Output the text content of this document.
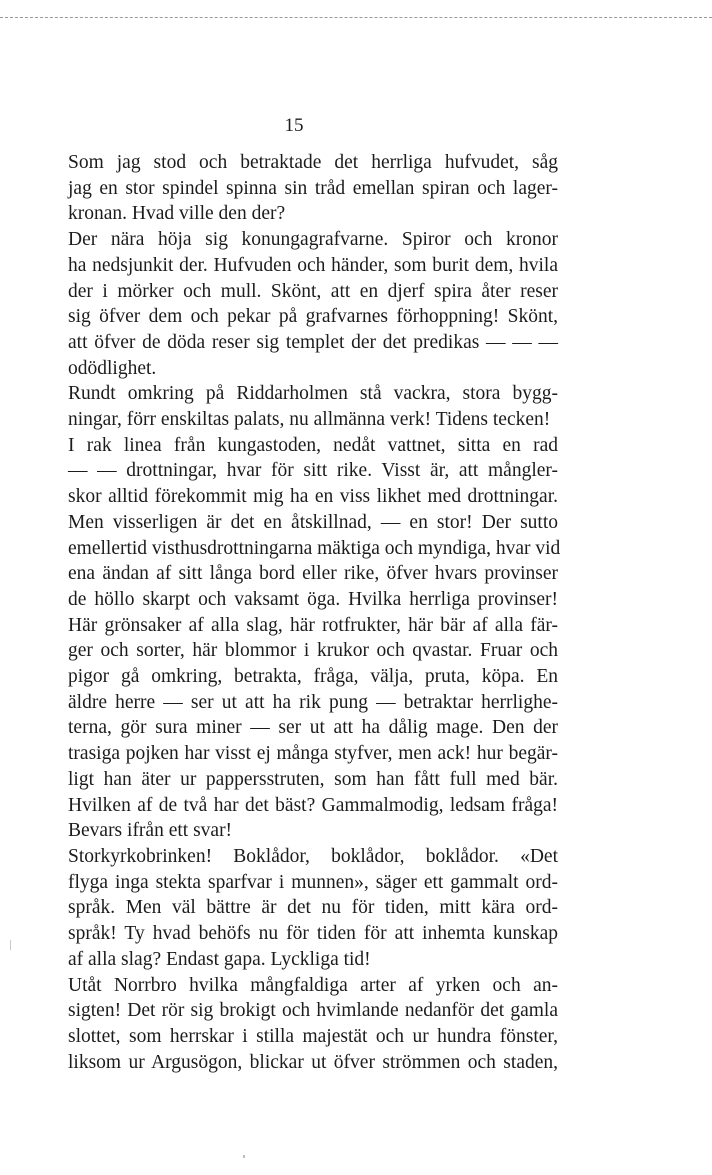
15

Som jag stod och betraktade det herrliga hufvudet, såg
jag en stor spindel spinna sin tråd emellan spiran och lager-
kronan. Hvad ville den der?

Der nära höja sig konungagrafvarne. Spiror och kronor
ha nedsjunkit der. Hufvuden och händer, som burit dem, hvila
der i mörker och mull. Skönt, att en djerf spira åter reser
sig öfver dem och pekar på grafvarnes förhoppning! Skönt,
att öfver de döda reser sig templet der det predikas — — —
odödlighet.

Rundt omkring på Riddarholmen stå vackra, stora bygg-
ningar, förr enskiltas palats, nu allmänna verk! Tidens tecken!

I rak linea från kungastoden, nedåt vattnet, sitta en rad
— — drottningar, hvar för sitt rike. Visst är, att mångler-
skor alltid förekommit mig ha en viss likhet med drottningar.
Men visserligen är det en åtskillnad, — en stor! Der sutto
emellertid visthusdrottningarna mäktiga och myndiga, hvar vid
ena ändan af sitt långa bord eller rike, öfver hvars provinser
de höllo skarpt och vaksamt öga. Hvilka herrliga provinser!
Här grönsaker af alla slag, här rotfrukter, här bär af alla fär-
ger och sorter, här blommor i krukor och qvastar. Fruar och
pigor gå omkring, betrakta, fråga, välja, pruta, köpa. En
äldre herre — ser ut att ha rik pung — betraktar herrlighe-
terna, gör sura miner — ser ut att ha dålig mage. Den der
trasiga pojken har visst ej många styfver, men ack! hur begär-
ligt han äter ur pappersstruten, som han fått full med bär.
Hvilken af de två har det bäst? Gammalmodig, ledsam fråga!
Bevars ifrån ett svar!

Storkyrkobrinken! Boklådor, boklådor, boklådor. «Det
flyga inga stekta sparfvar i munnen», säger ett gammalt ord-
språk. Men väl bättre är det nu för tiden, mitt kära ord-
språk! Ty hvad behöfs nu för tiden för att inhemta kunskap
af alla slag? Endast gapa. Lyckliga tid!

Utåt Norrbro hvilka mångfaldiga arter af yrken och an-
sigten! Det rör sig brokigt och hvimlande nedanför det gamla
slottet, som herrskar i stilla majestät och ur hundra fönster,
liksom ur Argusögon, blickar ut öfver strömmen och staden,
